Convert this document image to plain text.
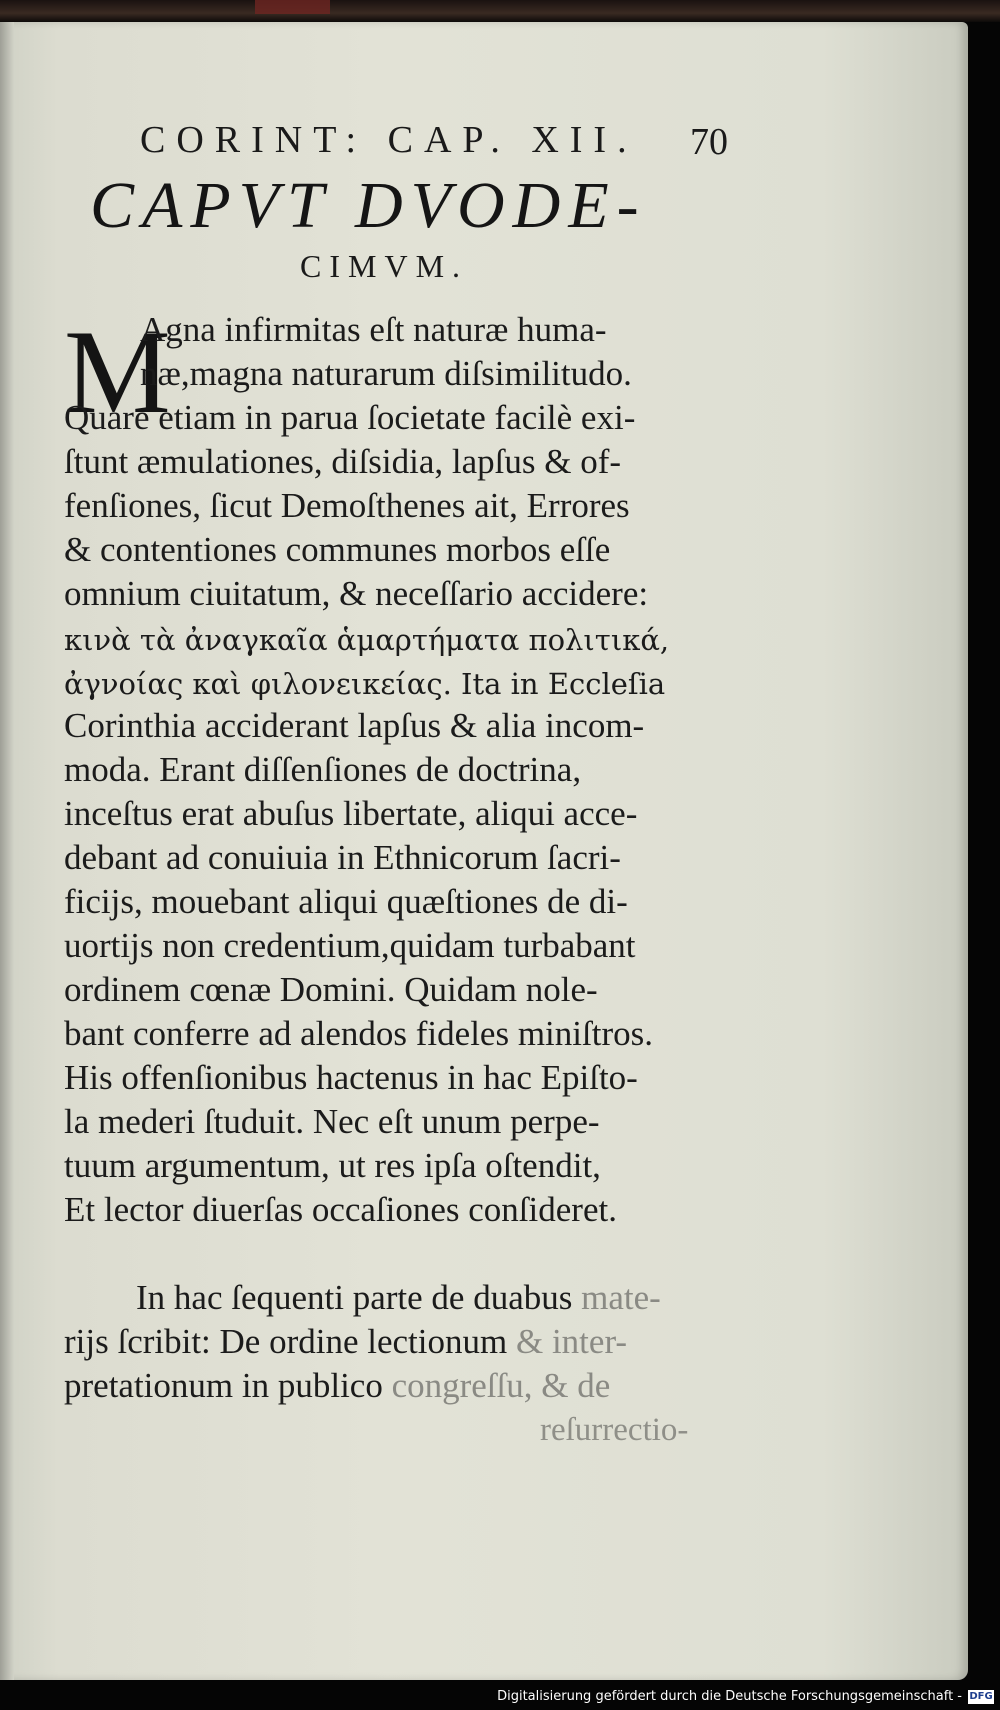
CORINT: CAP. XII.	70
CAPVT DVODE-
CIMVM.
M
Agna infirmitas eſt naturæ huma-
næ,magna naturarum diſsimilitudo.
Quare etiam in parua ſocietate facilè exi-
ſtunt æmulationes, diſsidia, lapſus & of-
fenſiones, ſicut Demoſthenes ait, Errores
& contentiones communes morbos eſſe
omnium ciuitatum, & neceſſario accidere:
κινὰ τὰ ἀναγκαῖα ἁμαρτήματα πολιτικά,
ἀγνοίας καὶ φιλονεικείας. Ita in Eccleſia
Corinthia acciderant lapſus & alia incom-
moda. Erant diſſenſiones de doctrina,
inceſtus erat abuſus libertate, aliqui acce-
debant ad conuiuia in Ethnicorum ſacri-
ficijs, mouebant aliqui quæſtiones de di-
uortijs non credentium,quidam turbabant
ordinem cœnæ Domini. Quidam nole-
bant conferre ad alendos fideles miniſtros.
His offenſionibus hactenus in hac Epiſto-
la mederi ſtuduit. Nec eſt unum perpe-
tuum argumentum, ut res ipſa oſtendit,
Et lector diuerſas occaſiones conſideret.
In hac ſequenti parte de duabus mate-
rijs ſcribit: De ordine lectionum & inter-
pretationum in publico congreſſu, & de
reſurrectio-
Digitalisierung gefördert durch die Deutsche Forschungsgemeinschaft - DFG
